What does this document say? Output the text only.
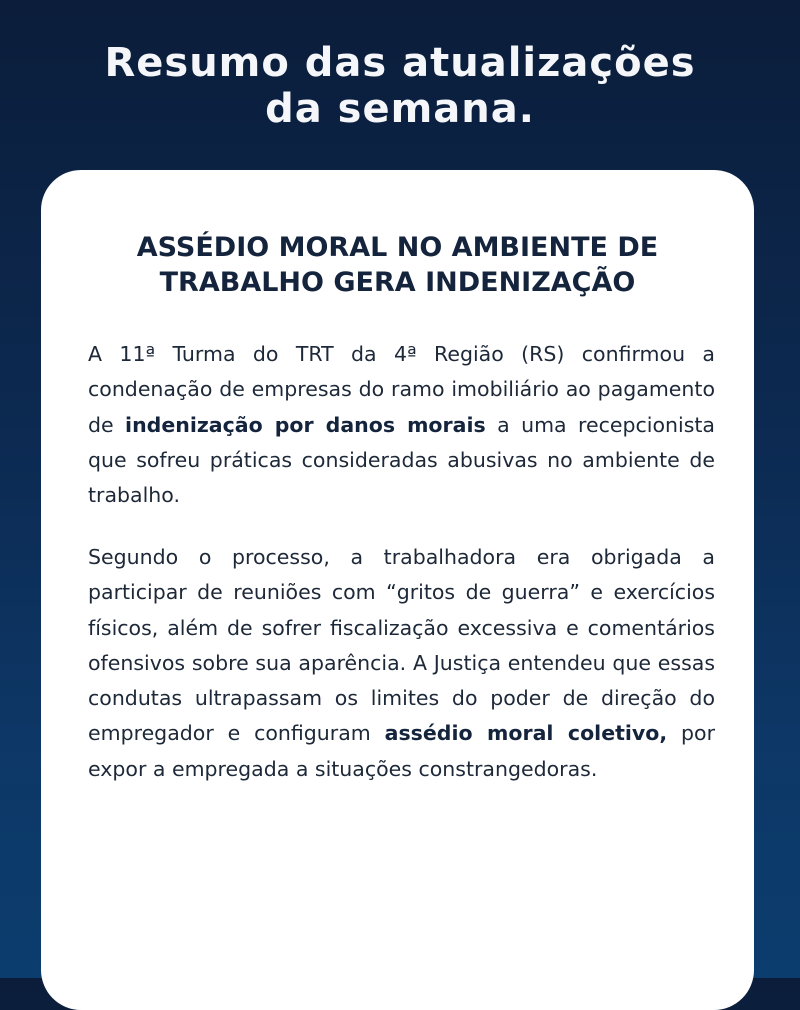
Resumo das atualizações
da semana.
ASSÉDIO MORAL NO AMBIENTE DE
TRABALHO GERA INDENIZAÇÃO

A 11ª Turma do TRT da 4ª Região (RS) confirmou a condenação de empresas do ramo imobiliário ao pagamento de indenização por danos morais a uma recepcionista que sofreu práticas consideradas abusivas no ambiente de trabalho.

Segundo o processo, a trabalhadora era obrigada a participar de reuniões com “gritos de guerra” e exercícios físicos, além de sofrer fiscalização excessiva e comentários ofensivos sobre sua aparência. A Justiça entendeu que essas condutas ultrapassam os limites do poder de direção do empregador e configuram assédio moral coletivo, por expor a empregada a situações constrangedoras.
